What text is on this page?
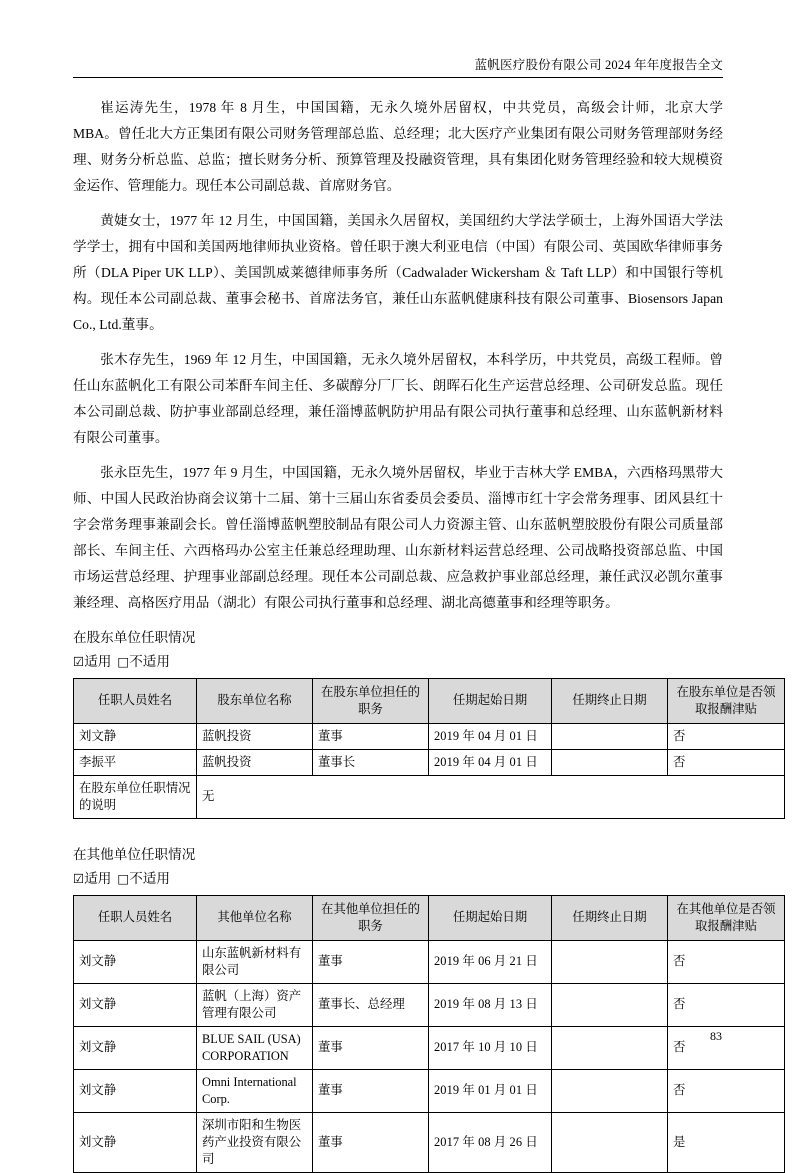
蓝帆医疗股份有限公司 2024 年年度报告全文

崔运涛先生，1978 年 8 月生，中国国籍，无永久境外居留权，中共党员，高级会计师，北京大学 MBA。曾任北大方正集团有限公司财务管理部总监、总经理；北大医疗产业集团有限公司财务管理部财务经理、财务分析总监、总监；擅长财务分析、预算管理及投融资管理，具有集团化财务管理经验和较大规模资金运作、管理能力。现任本公司副总裁、首席财务官。

黄婕女士，1977 年 12 月生，中国国籍，美国永久居留权，美国纽约大学法学硕士，上海外国语大学法学学士，拥有中国和美国两地律师执业资格。曾任职于澳大利亚电信（中国）有限公司、英国欧华律师事务所（DLA Piper UK LLP）、美国凯威莱德律师事务所（Cadwalader Wickersham ＆ Taft LLP）和中国银行等机构。现任本公司副总裁、董事会秘书、首席法务官，兼任山东蓝帆健康科技有限公司董事、Biosensors Japan Co., Ltd.董事。

张木存先生，1969 年 12 月生，中国国籍，无永久境外居留权，本科学历，中共党员，高级工程师。曾任山东蓝帆化工有限公司苯酐车间主任、多碳醇分厂厂长、朗晖石化生产运营总经理、公司研发总监。现任本公司副总裁、防护事业部副总经理，兼任淄博蓝帆防护用品有限公司执行董事和总经理、山东蓝帆新材料有限公司董事。

张永臣先生，1977 年 9 月生，中国国籍，无永久境外居留权，毕业于吉林大学 EMBA，六西格玛黑带大师、中国人民政治协商会议第十二届、第十三届山东省委员会委员、淄博市红十字会常务理事、团风县红十字会常务理事兼副会长。曾任淄博蓝帆塑胶制品有限公司人力资源主管、山东蓝帆塑胶股份有限公司质量部部长、车间主任、六西格玛办公室主任兼总经理助理、山东新材料运营总经理、公司战略投资部总监、中国市场运营总经理、护理事业部副总经理。现任本公司副总裁、应急救护事业部总经理，兼任武汉必凯尔董事兼经理、高格医疗用品（湖北）有限公司执行董事和总经理、湖北高德董事和经理等职务。

在股东单位任职情况
☑适用 □不适用
任职人员姓名	股东单位名称	在股东单位担任的职务	任期起始日期	任期终止日期	在股东单位是否领取报酬津贴
刘文静	蓝帆投资	董事	2019 年 04 月 01 日		否
李振平	蓝帆投资	董事长	2019 年 04 月 01 日		否
在股东单位任职情况的说明	无				
在其他单位任职情况
☑适用 □不适用
任职人员姓名	其他单位名称	在其他单位担任的职务	任期起始日期	任期终止日期	在其他单位是否领取报酬津贴
刘文静	山东蓝帆新材料有限公司	董事	2019 年 06 月 21 日		否
刘文静	蓝帆（上海）资产管理有限公司	董事长、总经理	2019 年 08 月 13 日		否
刘文静	BLUE SAIL (USA) CORPORATION	董事	2017 年 10 月 10 日		否
刘文静	Omni International Corp.	董事	2019 年 01 月 01 日		否
刘文静	深圳市阳和生物医药产业投资有限公司	董事	2017 年 08 月 26 日		是
83
